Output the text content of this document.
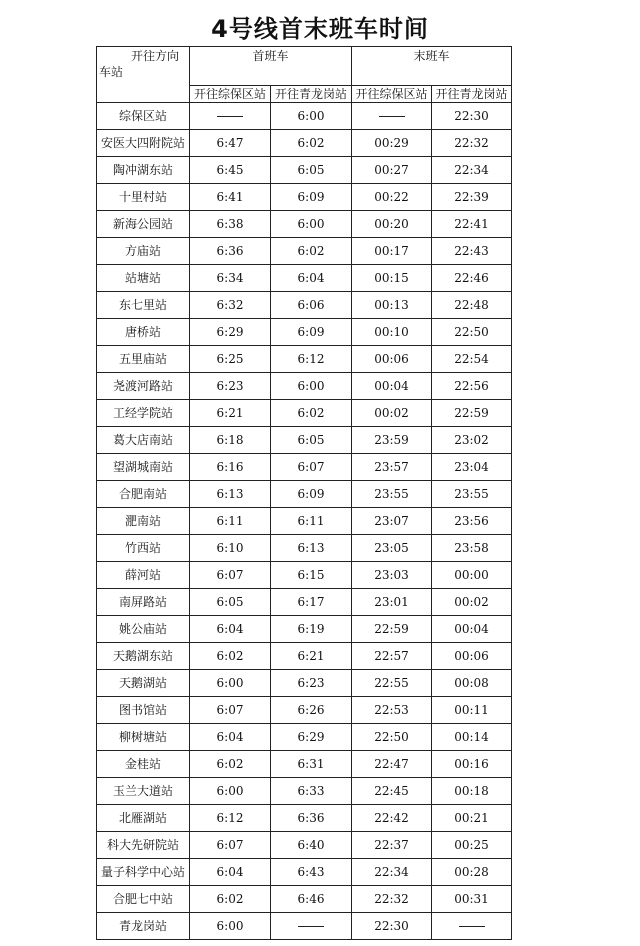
4号线首末班车时间
开往方向
车站	首班车		末班车	
	开往综保区站	开往青龙岗站	开往综保区站	开往青龙岗站
综保区站		6:00		22:30
安医大四附院站	6:47	6:02	00:29	22:32
陶冲湖东站	6:45	6:05	00:27	22:34
十里村站	6:41	6:09	00:22	22:39
新海公园站	6:38	6:00	00:20	22:41
方庙站	6:36	6:02	00:17	22:43
站塘站	6:34	6:04	00:15	22:46
东七里站	6:32	6:06	00:13	22:48
唐桥站	6:29	6:09	00:10	22:50
五里庙站	6:25	6:12	00:06	22:54
尧渡河路站	6:23	6:00	00:04	22:56
工经学院站	6:21	6:02	00:02	22:59
葛大店南站	6:18	6:05	23:59	23:02
望湖城南站	6:16	6:07	23:57	23:04
合肥南站	6:13	6:09	23:55	23:55
淝南站	6:11	6:11	23:07	23:56
竹西站	6:10	6:13	23:05	23:58
薛河站	6:07	6:15	23:03	00:00
南屏路站	6:05	6:17	23:01	00:02
姚公庙站	6:04	6:19	22:59	00:04
天鹅湖东站	6:02	6:21	22:57	00:06
天鹅湖站	6:00	6:23	22:55	00:08
图书馆站	6:07	6:26	22:53	00:11
柳树塘站	6:04	6:29	22:50	00:14
金桂站	6:02	6:31	22:47	00:16
玉兰大道站	6:00	6:33	22:45	00:18
北雁湖站	6:12	6:36	22:42	00:21
科大先研院站	6:07	6:40	22:37	00:25
量子科学中心站	6:04	6:43	22:34	00:28
合肥七中站	6:02	6:46	22:32	00:31
青龙岗站	6:00		22:30	
